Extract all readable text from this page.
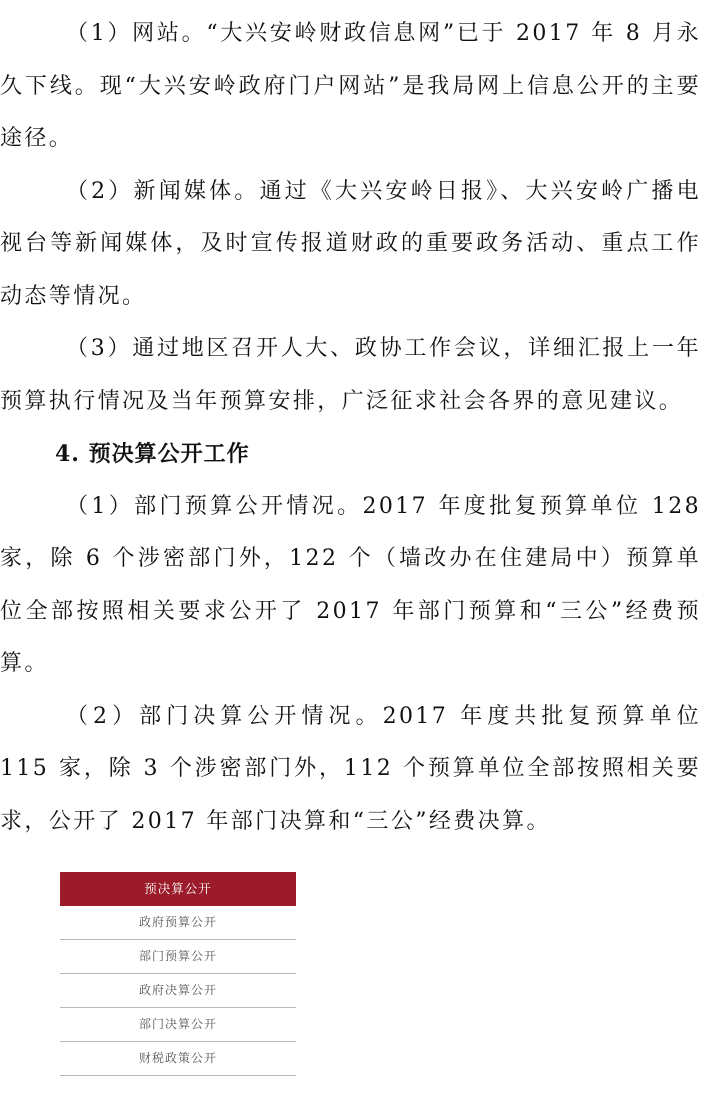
（1）网站。“大兴安岭财政信息网”已于 2017 年 8 月永久下线。现“大兴安岭政府门户网站”是我局网上信息公开的主要途径。

（2）新闻媒体。通过《大兴安岭日报》、大兴安岭广播电视台等新闻媒体，及时宣传报道财政的重要政务活动、重点工作动态等情况。

（3）通过地区召开人大、政协工作会议，详细汇报上一年预算执行情况及当年预算安排，广泛征求社会各界的意见建议。

4. 预决算公开工作

（1）部门预算公开情况。2017 年度批复预算单位 128 家，除 6 个涉密部门外，122 个（墙改办在住建局中）预算单位全部按照相关要求公开了 2017 年部门预算和“三公”经费预算。

（2）部门决算公开情况。2017 年度共批复预算单位 115 家，除 3 个涉密部门外，112 个预算单位全部按照相关要求，公开了 2017 年部门决算和“三公”经费决算。

预决算公开
政府预算公开
部门预算公开
政府决算公开
部门决算公开
财税政策公开
